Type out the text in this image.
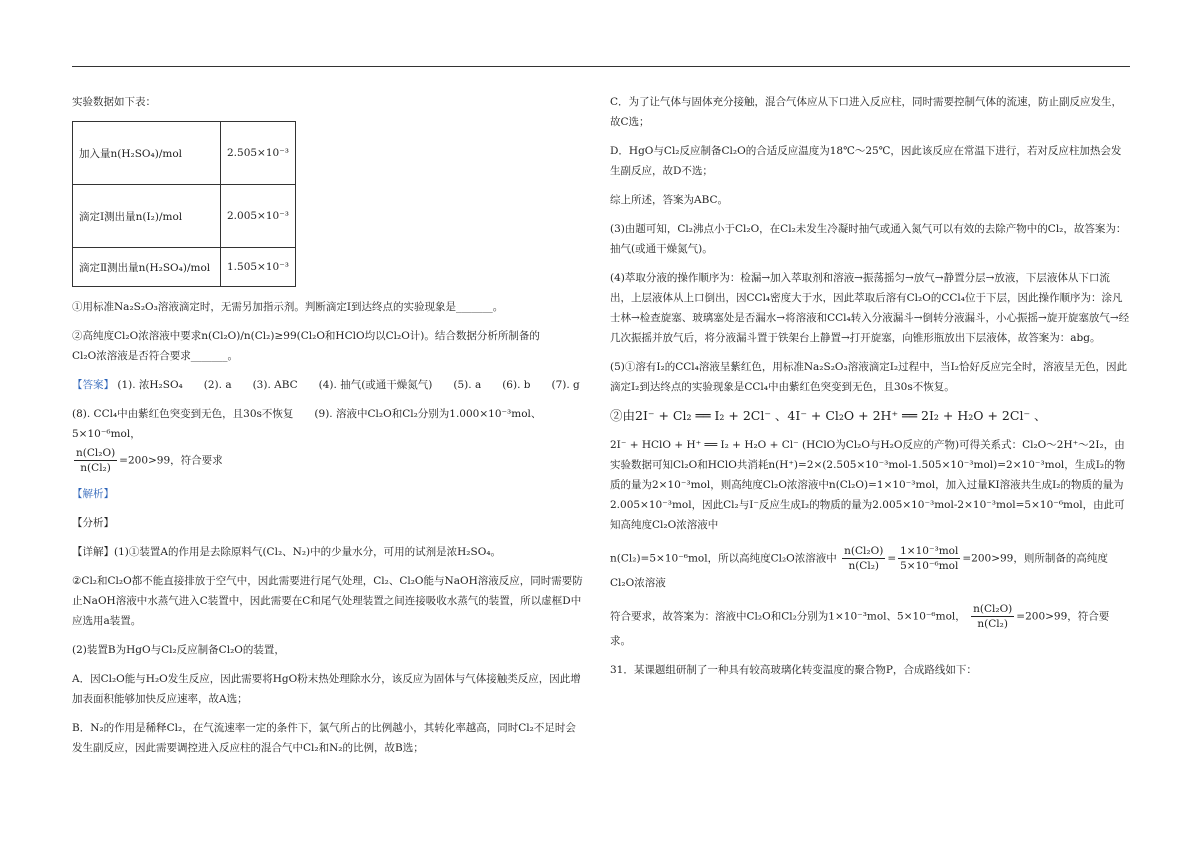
实验数据如下表：

加入量n(H₂SO₄)/mol	2.505×10⁻³
滴定Ⅰ测出量n(I₂)/mol	2.005×10⁻³
滴定Ⅱ测出量n(H₂SO₄)/mol	1.505×10⁻³

①用标准Na₂S₂O₃溶液滴定时，无需另加指示剂。判断滴定Ⅰ到达终点的实验现象是_______。

②高纯度Cl₂O浓溶液中要求n(Cl₂O)/n(Cl₂)≥99(Cl₂O和HClO均以Cl₂O计)。结合数据分析所制备的

Cl₂O浓溶液是否符合要求_______。

【答案】 (1). 浓H₂SO₄　　(2). a　　(3). ABC　　(4). 抽气(或通干燥氮气)　　(5). a　　(6). b　　(7). g

(8). CCl₄中由紫红色突变到无色，且30s不恢复　　(9). 溶液中Cl₂O和Cl₂分别为1.000×10⁻³mol、5×10⁻⁶mol，

$\frac{\text{n(Cl₂O)}}{\text{n(Cl₂)}} =200>99$，符合要求

【解析】

【分析】

【详解】(1)①装置A的作用是去除原料气(Cl₂、N₂)中的少量水分，可用的试剂是浓H₂SO₄。

②Cl₂和Cl₂O都不能直接排放于空气中，因此需要进行尾气处理，Cl₂、Cl₂O能与NaOH溶液反应，同时需要防止NaOH溶液中水蒸气进入C装置中，因此需要在C和尾气处理装置之间连接吸收水蒸气的装置，所以虚框D中应选用a装置。

(2)装置B为HgO与Cl₂反应制备Cl₂O的装置，

A．因Cl₂O能与H₂O发生反应，因此需要将HgO粉末热处理除水分，该反应为固体与气体接触类反应，因此增加表面积能够加快反应速率，故A选；

B．N₂的作用是稀释Cl₂，在气流速率一定的条件下，氯气所占的比例越小，其转化率越高，同时Cl₂不足时会发生副反应，因此需要调控进入反应柱的混合气中Cl₂和N₂的比例，故B选；

C．为了让气体与固体充分接触，混合气体应从下口进入反应柱，同时需要控制气体的流速，防止副反应发生，故C选；

D．HgO与Cl₂反应制备Cl₂O的合适反应温度为18℃～25℃，因此该反应在常温下进行，若对反应柱加热会发生副反应，故D不选；

综上所述，答案为ABC。

(3)由题可知，Cl₂沸点小于Cl₂O，在Cl₂未发生冷凝时抽气或通入氮气可以有效的去除产物中的Cl₂，故答案为：抽气(或通干燥氮气)。

(4)萃取分液的操作顺序为：检漏→加入萃取剂和溶液→振荡摇匀→放气→静置分层→放液，下层液体从下口流出，上层液体从上口倒出，因CCl₄密度大于水，因此萃取后溶有Cl₂O的CCl₄位于下层，因此操作顺序为：涂凡士林→检查旋塞、玻璃塞处是否漏水→将溶液和CCl₄转入分液漏斗→倒转分液漏斗，小心振摇→旋开旋塞放气→经几次振摇并放气后，将分液漏斗置于铁架台上静置→打开旋塞，向锥形瓶放出下层液体，故答案为：abg。

(5)①溶有I₂的CCl₄溶液呈紫红色，用标准Na₂S₂O₃溶液滴定I₂过程中，当I₂恰好反应完全时，溶液呈无色，因此滴定I₂到达终点的实验现象是CCl₄中由紫红色突变到无色，且30s不恢复。

②由2I⁻ + Cl₂ ══ I₂ + 2Cl⁻ 、4I⁻ + Cl₂O + 2H⁺ ══ 2I₂ + H₂O + 2Cl⁻ 、

2I⁻ + HClO + H⁺ ══ I₂ + H₂O + Cl⁻ (HClO为Cl₂O与H₂O反应的产物)可得关系式：Cl₂O～2H⁺～2I₂，由实验数据可知Cl₂O和HClO共消耗n(H⁺)=2×(2.505×10⁻³mol-1.505×10⁻³mol)=2×10⁻³mol，生成I₂的物质的量为2×10⁻³mol，则高纯度Cl₂O浓溶液中n(Cl₂O)=1×10⁻³mol，加入过量KI溶液共生成I₂的物质的量为2.005×10⁻³mol，因此Cl₂与I⁻反应生成I₂的物质的量为2.005×10⁻³mol-2×10⁻³mol=5×10⁻⁶mol，由此可知高纯度Cl₂O浓溶液中

n(Cl₂)=5×10⁻⁶mol，所以高纯度Cl₂O浓溶液中 $\frac{\text{n(Cl₂O)}}{\text{n(Cl₂)}} = \frac{\text{1×10⁻³mol}}{\text{5×10⁻⁶mol}} =200>99$，则所制备的高纯度Cl₂O浓溶液

符合要求，故答案为：溶液中Cl₂O和Cl₂分别为1×10⁻³mol、5×10⁻⁶mol， $\frac{\text{n(Cl₂O)}}{\text{n(Cl₂)}} =200>99$，符合要求。

31．某课题组研制了一种具有较高玻璃化转变温度的聚合物P，合成路线如下：
